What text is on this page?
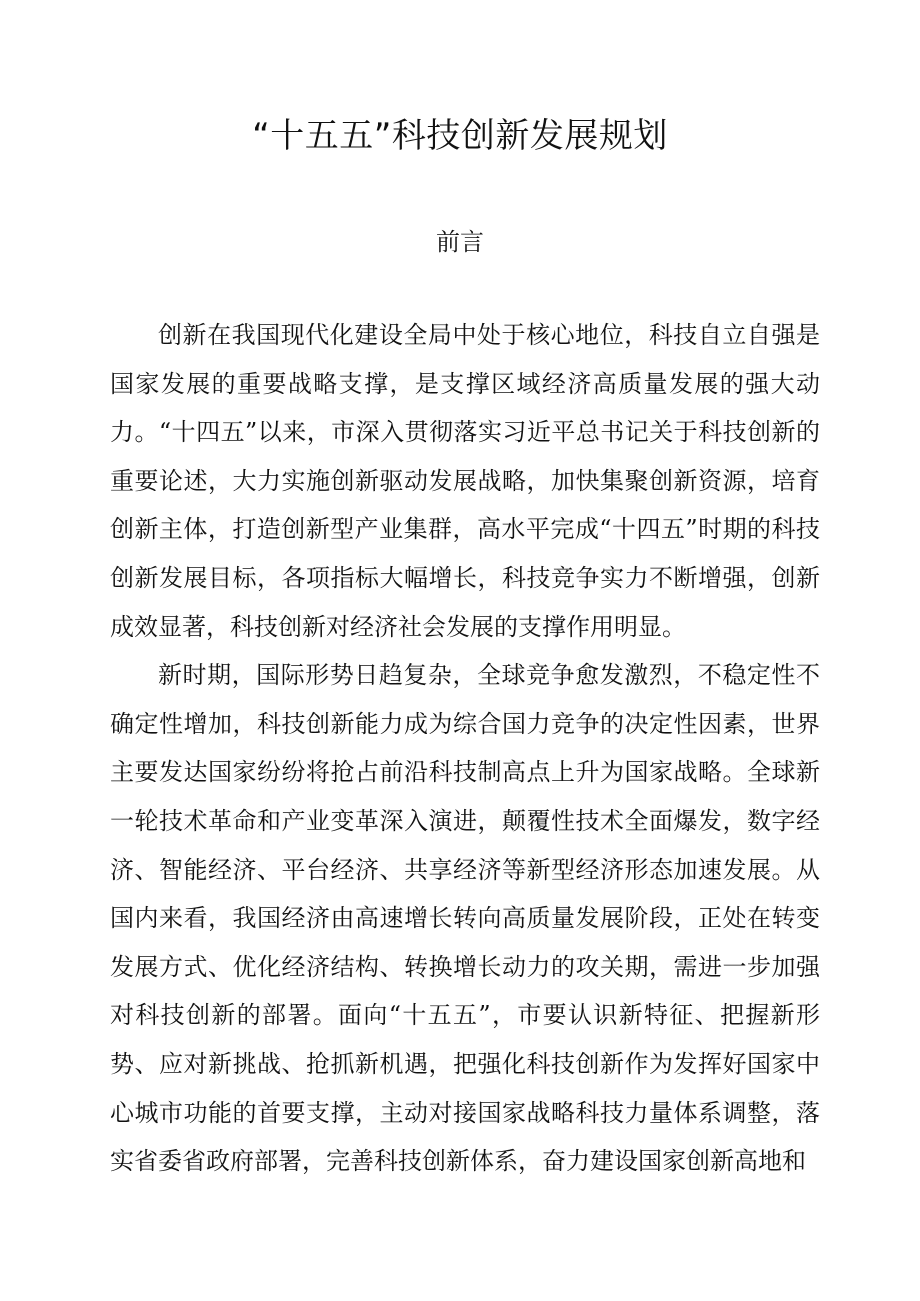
“十五五”科技创新发展规划
前言

创新在我国现代化建设全局中处于核心地位，科技自立自强是国家发展的重要战略支撑，是支撑区域经济高质量发展的强大动力。“十四五”以来，市深入贯彻落实习近平总书记关于科技创新的重要论述，大力实施创新驱动发展战略，加快集聚创新资源，培育创新主体，打造创新型产业集群，高水平完成“十四五”时期的科技创新发展目标，各项指标大幅增长，科技竞争实力不断增强，创新成效显著，科技创新对经济社会发展的支撑作用明显。

新时期，国际形势日趋复杂，全球竞争愈发激烈，不稳定性不确定性增加，科技创新能力成为综合国力竞争的决定性因素，世界主要发达国家纷纷将抢占前沿科技制高点上升为国家战略。全球新一轮技术革命和产业变革深入演进，颠覆性技术全面爆发，数字经济、智能经济、平台经济、共享经济等新型经济形态加速发展。从国内来看，我国经济由高速增长转向高质量发展阶段，正处在转变发展方式、优化经济结构、转换增长动力的攻关期，需进一步加强对科技创新的部署。面向“十五五”，市要认识新特征、把握新形势、应对新挑战、抢抓新机遇，把强化科技创新作为发挥好国家中心城市功能的首要支撑，主动对接国家战略科技力量体系调整，落实省委省政府部署，完善科技创新体系，奋力建设国家创新高地和
